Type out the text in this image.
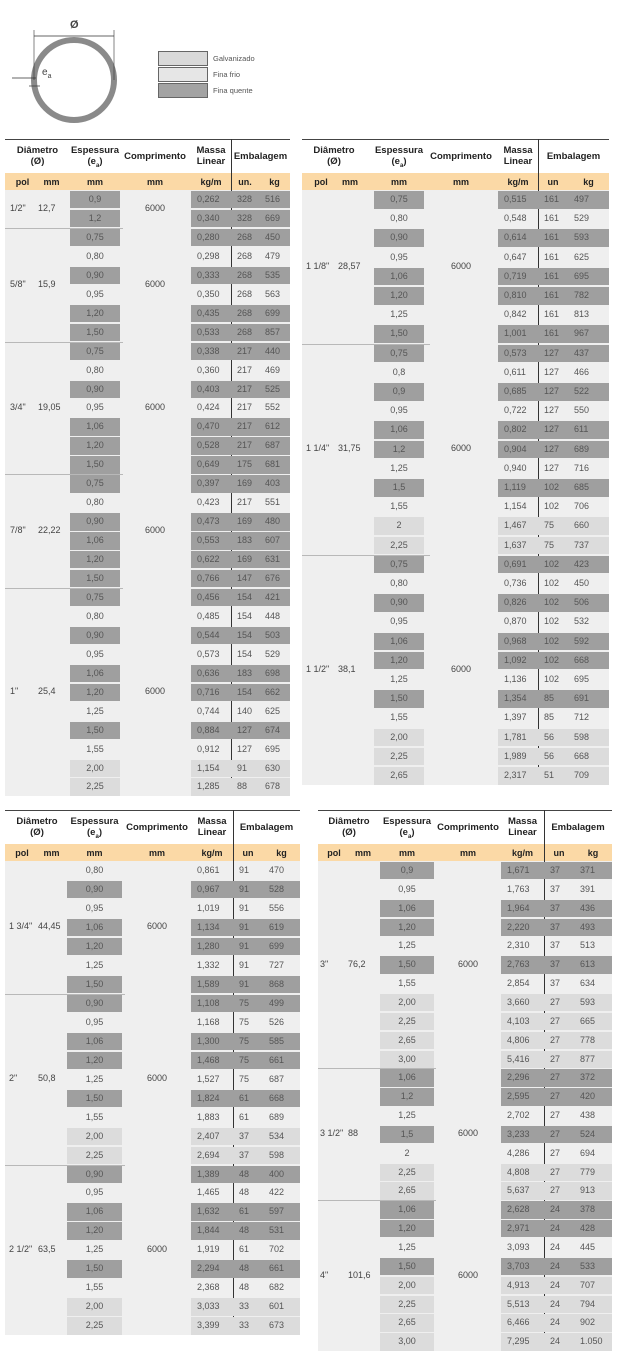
Ø
$e_a$
Galvanizado
Fina frio
Fina quente
Diâmetro
(Ø)
Espessura
$(e_a)$	Comprimento
Massa
Linear Embalagem
pol	mm	mm	mm	kg/m	un.	kg
1/2" 12,7	6000
0,9	0,262	328	516
1,2	0,340	328	669
5/8" 15,9	6000
0,75	0,280	268	450
0,80	0,298	268	479
0,90	0,333	268	535
0,95	0,350	268	563
1,20	0,435	268	699
1,50	0,533	268	857
3/4" 19,05	6000
0,75	0,338	217	440
0,80	0,360	217	469
0,90	0,403	217	525
0,95	0,424	217	552
1,06	0,470	217	612
1,20	0,528	217	687
1,50	0,649	175	681
7/8" 22,22	6000
0,75	0,397	169	403
0,80	0,423	217	551
0,90	0,473	169	480
1,06	0,553	183	607
1,20	0,622	169	631
1,50	0,766	147	676
1" 25,4	6000
0,75	0,456	154	421
0,80	0,485	154	448
0,90	0,544	154	503
0,95	0,573	154	529
1,06	0,636	183	698
1,20	0,716	154	662
1,25	0,744	140	625
1,50	0,884	127	674
1,55	0,912	127	695
2,00	1,154	91	630
2,25	1,285	88	678
Diâmetro
(Ø)
Espessura
$(e_a)$	Comprimento
Massa
Linear	Embalagem
pol	mm	mm	mm	kg/m	un	kg
1 1/8" 28,57	6000
0,75	0,515	161	497
0,80	0,548	161	529
0,90	0,614	161	593
0,95	0,647	161	625
1,06	0,719	161	695
1,20	0,810	161	782
1,25	0,842	161	813
1,50	1,001	161	967
1 1/4" 31,75	6000
0,75	0,573	127	437
0,8	0,611	127	466
0,9	0,685	127	522
0,95	0,722	127	550
1,06	0,802	127	611
1,2	0,904	127	689
1,25	0,940	127	716
1,5	1,119	102	685
1,55	1,154	102	706
2	1,467	75	660
2,25	1,637	75	737
1 1/2" 38,1	6000
0,75	0,691	102	423
0,80	0,736	102	450
0,90	0,826	102	506
0,95	0,870	102	532
1,06	0,968	102	592
1,20	1,092	102	668
1,25	1,136	102	695
1,50	1,354	85	691
1,55	1,397	85	712
2,00	1,781	56	598
2,25	1,989	56	668
2,65	2,317	51	709
Diâmetro
(Ø)
Espessura
$(e_a)$	Comprimento
Massa
Linear	Embalagem
pol	mm	mm	mm	kg/m	un	kg
1 3/4" 44,45	6000
0,80	0,861	91	470
0,90	0,967	91	528
0,95	1,019	91	556
1,06	1,134	91	619
1,20	1,280	91	699
1,25	1,332	91	727
1,50	1,589	91	868
2" 50,8	6000
0,90	1,108	75	499
0,95	1,168	75	526
1,06	1,300	75	585
1,20	1,468	75	661
1,25	1,527	75	687
1,50	1,824	61	668
1,55	1,883	61	689
2,00	2,407	37	534
2,25	2,694	37	598
2 1/2" 63,5	6000
0,90	1,389	48	400
0,95	1,465	48	422
1,06	1,632	61	597
1,20	1,844	48	531
1,25	1,919	61	702
1,50	2,294	48	661
1,55	2,368	48	682
2,00	3,033	33	601
2,25	3,399	33	673
Diâmetro
(Ø)
Espessura
$(e_a)$	Comprimento
Massa
Linear	Embalagem
pol	mm	mm	mm	kg/m	un	kg
3" 76,2	6000
0,9	1,671	37	371
0,95	1,763	37	391
1,06	1,964	37	436
1,20	2,220	37	493
1,25	2,310	37	513
1,50	2,763	37	613
1,55	2,854	37	634
2,00	3,660	27	593
2,25	4,103	27	665
2,65	4,806	27	778
3,00	5,416	27	877
3 1/2" 88	6000
1,06	2,296	27	372
1,2	2,595	27	420
1,25	2,702	27	438
1,5	3,233	27	524
2	4,286	27	694
2,25	4,808	27	779
2,65	5,637	27	913
4" 101,6	6000
1,06	2,628	24	378
1,20	2,971	24	428
1,25	3,093	24	445
1,50	3,703	24	533
2,00	4,913	24	707
2,25	5,513	24	794
2,65	6,466	24	902
3,00	7,295	24	1.050
